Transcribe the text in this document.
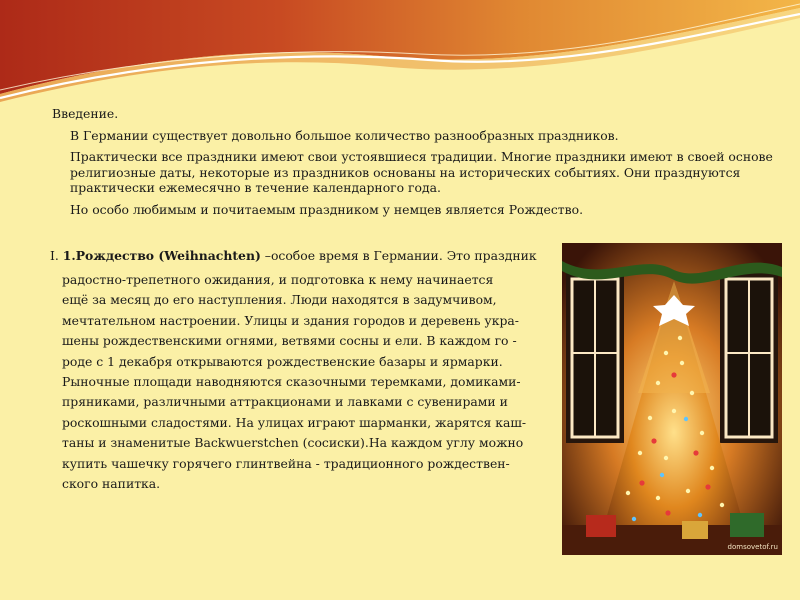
Введение.

В Германии существует довольно большое количество разнообразных праздников.

Практически все праздники имеют свои устоявшиеся традиции. Многие праздники имеют в своей основе религиозные даты, некоторые из праздников основаны на исторических событиях. Они празднуются практически ежемесячно в течение календарного года.

Но особо любимым и почитаемым праздником у немцев является Рождество.

I. 1.Рождество (Weihnachten) –особое время в Германии. Это праздник
радостно-трепетного ожидания, и подготовка к нему начинается
ещё за месяц до его наступления. Люди находятся в задумчивом,
мечтательном настроении. Улицы и здания городов и деревень укра-
шены рождественскими огнями, ветвями сосны и ели. В каждом го -
роде с 1 декабря открываются рождественские базары и ярмарки.
Рыночные площади наводняются сказочными теремками, домиками-
пряниками, различными аттракционами и лавками с сувенирами и
роскошными сладостями. На улицах играют шарманки, жарятся каш-
таны и знаменитые Backwuerstchen (сосиски).На каждом углу можно
купить чашечку горячего глинтвейна - традиционного рождествен-
ского напитка.
domsovetof.ru
